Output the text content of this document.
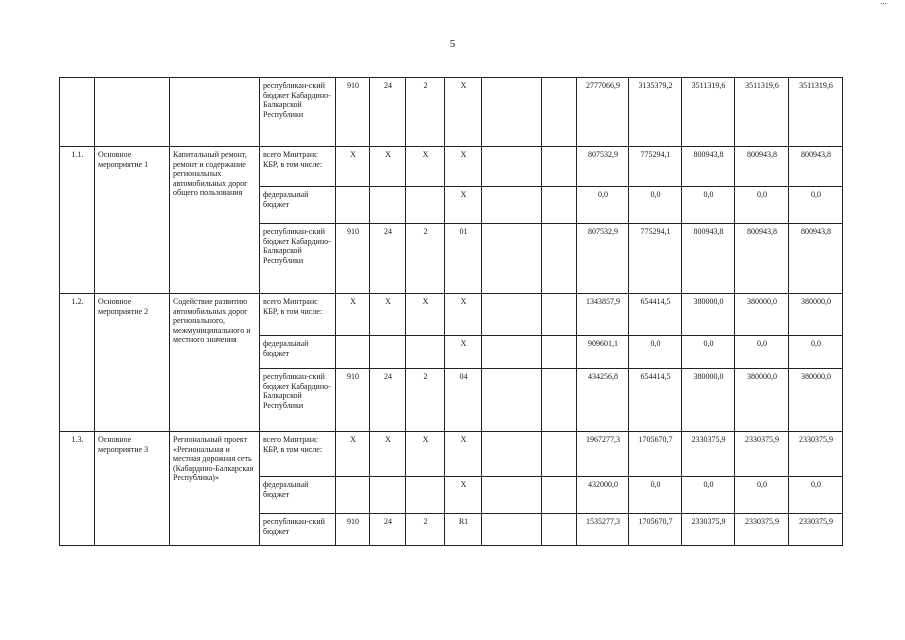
5
			республикан-ский бюджет Кабардино-Балкарской Республики	910	24	2	X			2777066,9	3135379,2	3511319,6	3511319,6	3511319,6
1.1.	Основное мероприятие 1	Капитальный ремонт, ремонт и содержание региональных автомобильных дорог общего пользования	всего Минтранс КБР, в том числе:	X	X	X	X			807532,9	775294,1	800943,8	800943,8	800943,8
			федеральный бюджет				X			0,0	0,0	0,0	0,0	0,0
			республикан-ский бюджет Кабардино-Балкарской Республики	910	24	2	01			807532,9	775294,1	800943,8	800943,8	800943,8
1.2.	Основное мероприятие 2	Содействие развитию автомобильных дорог регионального, межмуниципального и местного значения	всего Минтранс КБР, в том числе:	X	X	X	X			1343857,9	654414,5	380000,0	380000,0	380000,0
			федеральный бюджет				X			909601,1	0,0	0,0	0,0	0,0
			республикан-ский бюджет Кабардино-Балкарской Республики	910	24	2	04			434256,8	654414,5	380000,0	380000,0	380000,0
1.3.	Основное мероприятие 3	Региональный проект «Региональная и местная дорожная сеть (Кабардино-Балкарская Республика)»	всего Минтранс КБР, в том числе:	X	X	X	X			1967277,3	1705670,7	2330375,9	2330375,9	2330375,9
			федеральный бюджет				X			432000,0	0,0	0,0	0,0	0,0
			республикан-ский бюджет	910	24	2	R1			1535277,3	1705670,7	2330375,9	2330375,9	2330375,9
...
